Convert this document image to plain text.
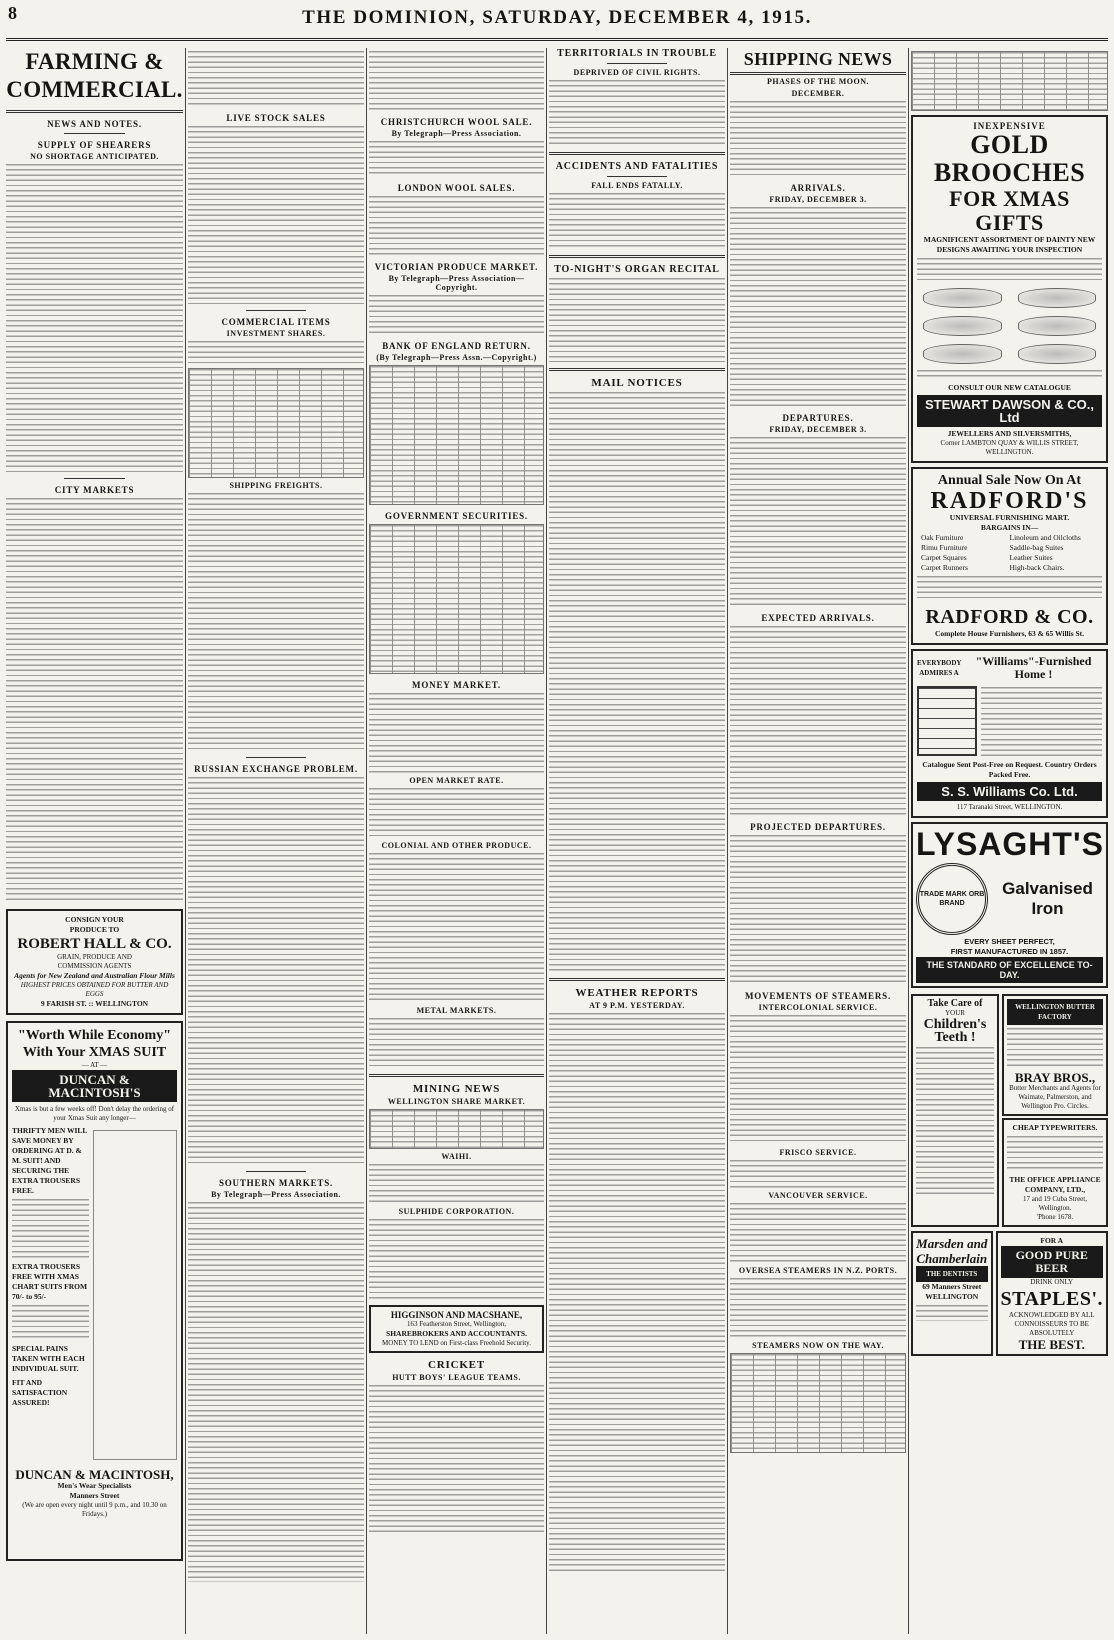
8	THE DOMINION, SATURDAY, DECEMBER 4, 1915.
FARMING & COMMERCIAL.
NEWS AND NOTES.
SUPPLY OF SHEARERS
NO SHORTAGE ANTICIPATED.
CITY MARKETS
CONSIGN YOUR
PRODUCE TO
ROBERT HALL & CO.
GRAIN, PRODUCE AND
COMMISSION AGENTS
Agents for New Zealand and Australian Flour Mills
HIGHEST PRICES OBTAINED FOR BUTTER AND EGGS
9 FARISH ST. :: WELLINGTON
"Worth While Economy"
With Your XMAS SUIT
— AT —
DUNCAN & MACINTOSH'S
Xmas is but a few weeks off! Don't delay the ordering of your Xmas Suit any longer—
THRIFTY MEN WILL SAVE MONEY BY ORDERING AT D. & M. SUIT! AND SECURING THE EXTRA TROUSERS FREE.
EXTRA TROUSERS FREE WITH XMAS CHART SUITS FROM 70/- to 95/-
SPECIAL PAINS TAKEN WITH EACH INDIVIDUAL SUIT.
FIT AND SATISFACTION ASSURED!
DUNCAN & MACINTOSH,
Men's Wear Specialists
Manners Street
(We are open every night until 9 p.m., and 10.30 on Fridays.)
LIVE STOCK SALES
COMMERCIAL ITEMS
INVESTMENT SHARES.
SHIPPING FREIGHTS.
RUSSIAN EXCHANGE PROBLEM.
SOUTHERN MARKETS.
By Telegraph—Press Association.
CHRISTCHURCH WOOL SALE.
By Telegraph—Press Association.
LONDON WOOL SALES.
VICTORIAN PRODUCE MARKET.
By Telegraph—Press Association—Copyright.
BANK OF ENGLAND RETURN.
(By Telegraph—Press Assn.—Copyright.)
GOVERNMENT SECURITIES.
MONEY MARKET.
OPEN MARKET RATE.
COLONIAL AND OTHER PRODUCE.
METAL MARKETS.
MINING NEWS
WELLINGTON SHARE MARKET.
WAIHI.
SULPHIDE CORPORATION.
HIGGINSON AND MACSHANE,
163 Featherston Street, Wellington,
SHAREBROKERS AND ACCOUNTANTS.
MONEY TO LEND on First-class Freehold Security.
CRICKET
HUTT BOYS' LEAGUE TEAMS.
TERRITORIALS IN TROUBLE
DEPRIVED OF CIVIL RIGHTS.
ACCIDENTS AND FATALITIES
FALL ENDS FATALLY.
TO-NIGHT'S ORGAN RECITAL
MAIL NOTICES
WEATHER REPORTS
AT 9 P.M. YESTERDAY.
SHIPPING NEWS
PHASES OF THE MOON.
DECEMBER.
ARRIVALS.
FRIDAY, DECEMBER 3.
DEPARTURES.
FRIDAY, DECEMBER 3.
EXPECTED ARRIVALS.
PROJECTED DEPARTURES.
MOVEMENTS OF STEAMERS.
INTERCOLONIAL SERVICE.
FRISCO SERVICE.
VANCOUVER SERVICE.
OVERSEA STEAMERS IN N.Z. PORTS.
STEAMERS NOW ON THE WAY.
INEXPENSIVE
GOLD BROOCHES
FOR XMAS GIFTS
MAGNIFICENT ASSORTMENT OF DAINTY NEW DESIGNS AWAITING YOUR INSPECTION
CONSULT OUR NEW CATALOGUE
STEWART DAWSON & CO., Ltd
JEWELLERS AND SILVERSMITHS,
Corner LAMBTON QUAY & WILLIS STREET, WELLINGTON.
Annual Sale Now On At
RADFORD'S
UNIVERSAL FURNISHING MART.
BARGAINS IN—
Oak Furniture	Linoleum and Oilcloths
Rimu Furniture	Saddle-bag Suites
Carpet Squares	Leather Suites
Carpet Runners	High-back Chairs.
RADFORD & CO.
Complete House Furnishers, 63 & 65 Willis St.
EVERYBODY ADMIRES A
"Williams"-Furnished Home !
Catalogue Sent Post-Free on Request. Country Orders Packed Free.
S. S. Williams Co. Ltd.
117 Taranaki Street, WELLINGTON.
LYSAGHT'S
TRADE MARK ORB BRAND
Galvanised Iron
EVERY SHEET PERFECT,
FIRST MANUFACTURED IN 1857.
THE STANDARD OF EXCELLENCE TO-DAY.
Take Care of
YOUR
Children's
Teeth !
WELLINGTON BUTTER FACTORY
BRAY BROS.,
Butter Merchants and Agents for Waimate, Palmerston, and Wellington Pro. Circles.
CHEAP TYPEWRITERS.
THE OFFICE APPLIANCE COMPANY, LTD.,
17 and 19 Cuba Street, Wellington.
'Phone 1678.
Marsden and Chamberlain
THE DENTISTS
69 Manners Street
WELLINGTON
FOR A
GOOD PURE BEER
DRINK ONLY
STAPLES'.
ACKNOWLEDGED BY ALL CONNOISSEURS TO BE ABSOLUTELY
THE BEST.
